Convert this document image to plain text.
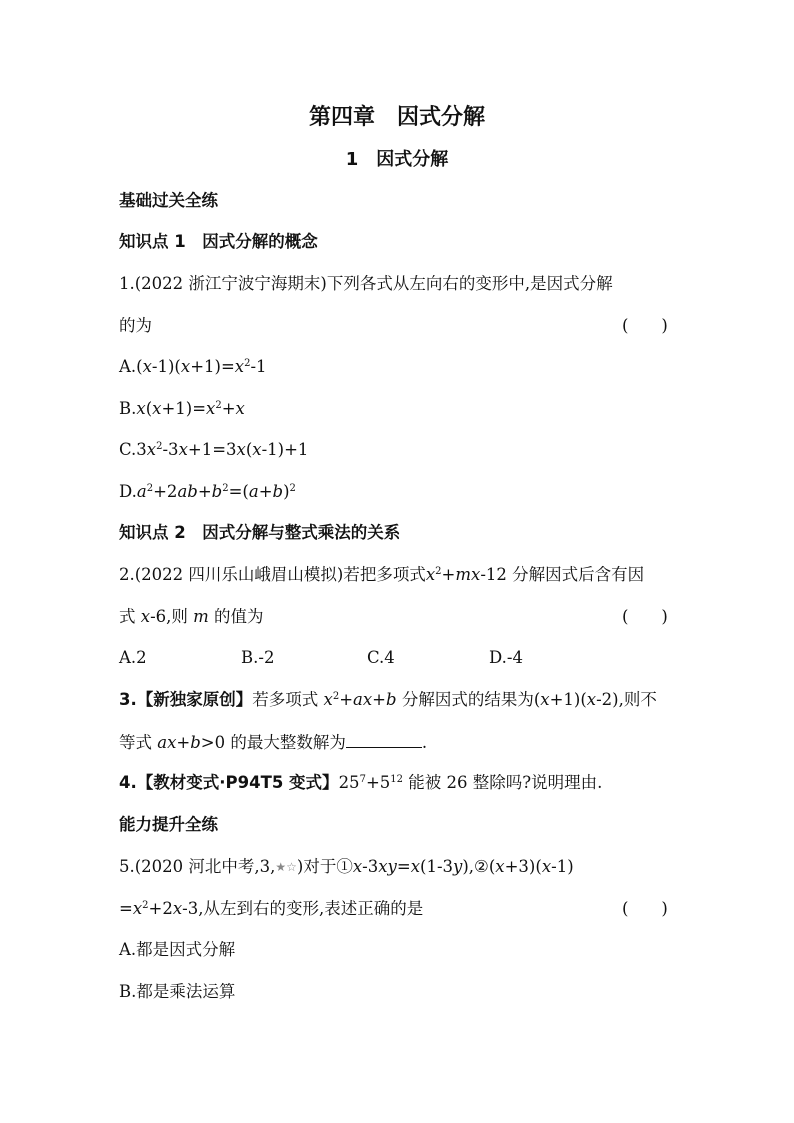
第四章　因式分解
1　因式分解
基础过关全练
知识点 1　因式分解的概念
1.(2022 浙江宁波宁海期末)下列各式从左向右的变形中,是因式分解
的为	(　　)
$A.(x-1)(x+1)=x^2-1$
$B.x(x+1)=x^2+x$
$C.3x^2-3x+1=3x(x-1)+1$
$D.a^2+2ab+b^2=(a+b)^2$
知识点 2　因式分解与整式乘法的关系
2.(2022 四川乐山峨眉山模拟)若把多项式$x^2+mx-12$ 分解因式后含有因
式 x-6,则 m 的值为	(　　)
A.2	B.-2	C.4	D.-4
3.【新独家原创】若多项式 $x^2+ax+b$ 分解因式的结果为(x+1)(x-2),则不
等式 ax+b>0 的最大整数解为	.
4.【教材变式·P94T5 变式】$25^7+5^{12}$ 能被 26 整除吗?说明理由.
能力提升全练
5.(2020 河北中考,3,★☆)对于①x-3xy=x(1-3y),②(x+3)(x-1)
$=x^2+2x-3$,从左到右的变形,表述正确的是	(　　)
A.都是因式分解
B.都是乘法运算
